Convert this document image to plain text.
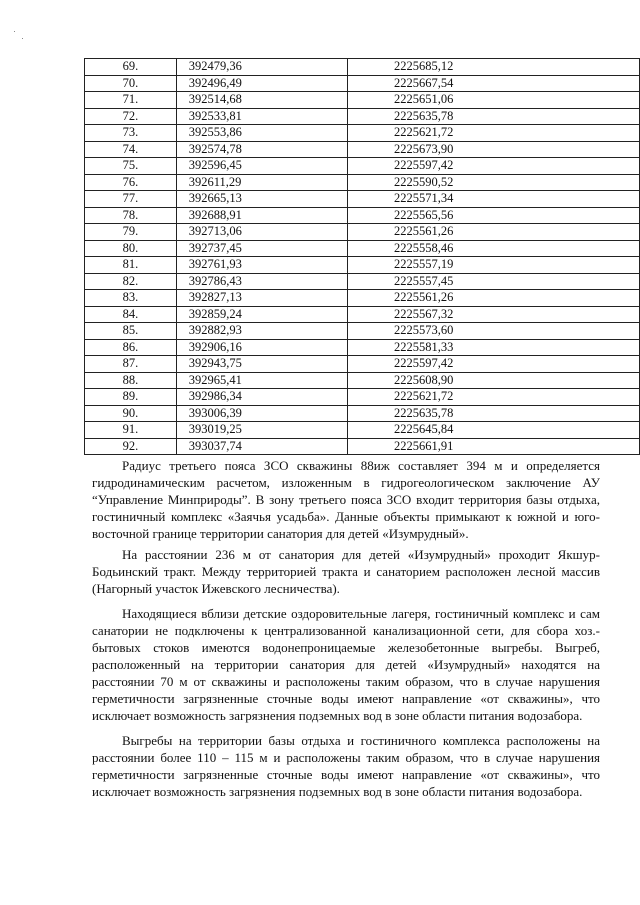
69.	392479,36	2225685,12
70.	392496,49	2225667,54
71.	392514,68	2225651,06
72.	392533,81	2225635,78
73.	392553,86	2225621,72
74.	392574,78	2225673,90
75.	392596,45	2225597,42
76.	392611,29	2225590,52
77.	392665,13	2225571,34
78.	392688,91	2225565,56
79.	392713,06	2225561,26
80.	392737,45	2225558,46
81.	392761,93	2225557,19
82.	392786,43	2225557,45
83.	392827,13	2225561,26
84.	392859,24	2225567,32
85.	392882,93	2225573,60
86.	392906,16	2225581,33
87.	392943,75	2225597,42
88.	392965,41	2225608,90
89.	392986,34	2225621,72
90.	393006,39	2225635,78
91.	393019,25	2225645,84
92.	393037,74	2225661,91

Радиус третьего пояса ЗСО скважины 88иж составляет 394 м и определяется гидродинамическим расчетом, изложенным в гидрогеологическом заключение АУ “Управление Минприроды”. В зону третьего пояса ЗСО входит территория базы отдыха, гостиничный комплекс «Заячья усадьба». Данные объекты примыкают к южной и юго-восточной границе территории санатория для детей «Изумрудный».

На расстоянии 236 м от санатория для детей «Изумрудный» проходит Якшур-Бодьинский тракт. Между территорией тракта и санаторием расположен лесной массив (Нагорный участок Ижевского лесничества).

Находящиеся вблизи детские оздоровительные лагеря, гостиничный комплекс и сам санатории не подключены к централизованной канализационной сети, для сбора хоз.-бытовых стоков имеются водонепроницаемые железобетонные выгребы. Выгреб, расположенный на территории санатория для детей «Изумрудный» находятся на расстоянии 70 м от скважины и расположены таким образом, что в случае нарушения герметичности загрязненные сточные воды имеют направление «от скважины», что исключает возможность загрязнения подземных вод в зоне области питания водозабора.

Выгребы на территории базы отдыха и гостиничного комплекса расположены на расстоянии более 110 – 115 м и расположены таким образом, что в случае нарушения герметичности загрязненные сточные воды имеют направление «от скважины», что исключает возможность загрязнения подземных вод в зоне области питания водозабора.
